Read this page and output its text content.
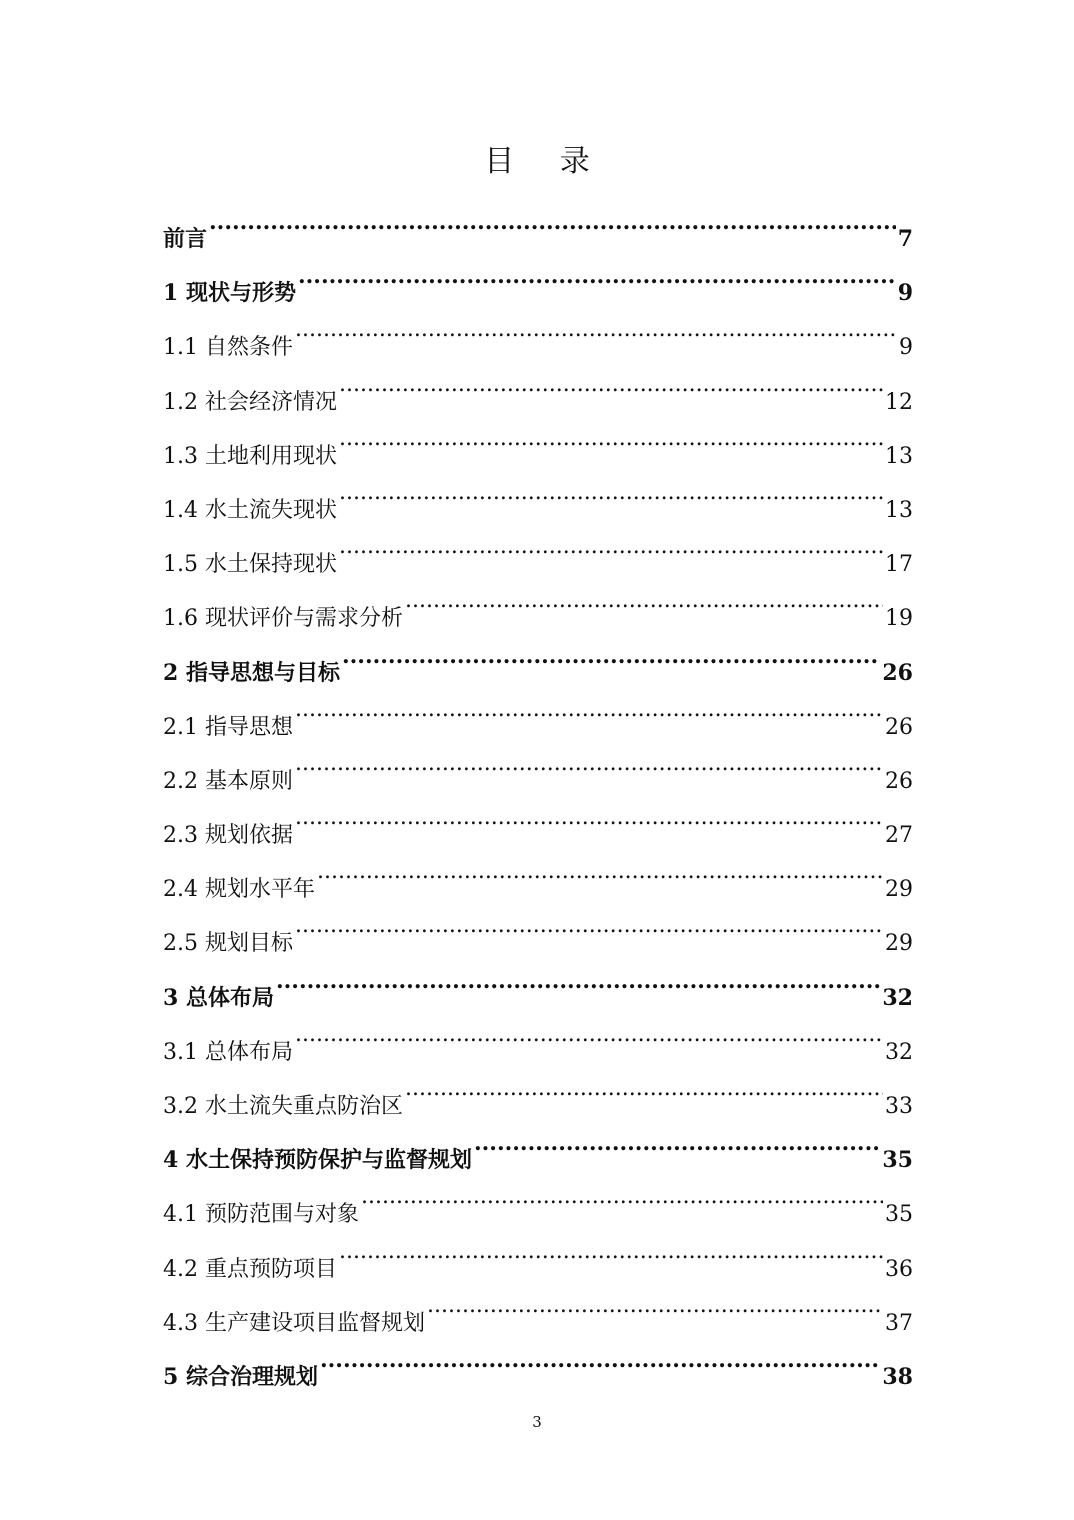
目 录
前言 .....	7
1 现状与形势 .....	9
1.1 自然条件 .....	9
1.2 社会经济情况 .....	12
1.3 土地利用现状 .....	13
1.4 水土流失现状 .....	13
1.5 水土保持现状 .....	17
1.6 现状评价与需求分析 .....	19
2 指导思想与目标 .....	26
2.1 指导思想 .....	26
2.2 基本原则 .....	26
2.3 规划依据 .....	27
2.4 规划水平年 .....	29
2.5 规划目标 .....	29
3 总体布局 .....	32
3.1 总体布局 .....	32
3.2 水土流失重点防治区 .....	33
4 水土保持预防保护与监督规划 .....	35
4.1 预防范围与对象 .....	35
4.2 重点预防项目 .....	36
4.3 生产建设项目监督规划 .....	37
5 综合治理规划 .....	38
3
